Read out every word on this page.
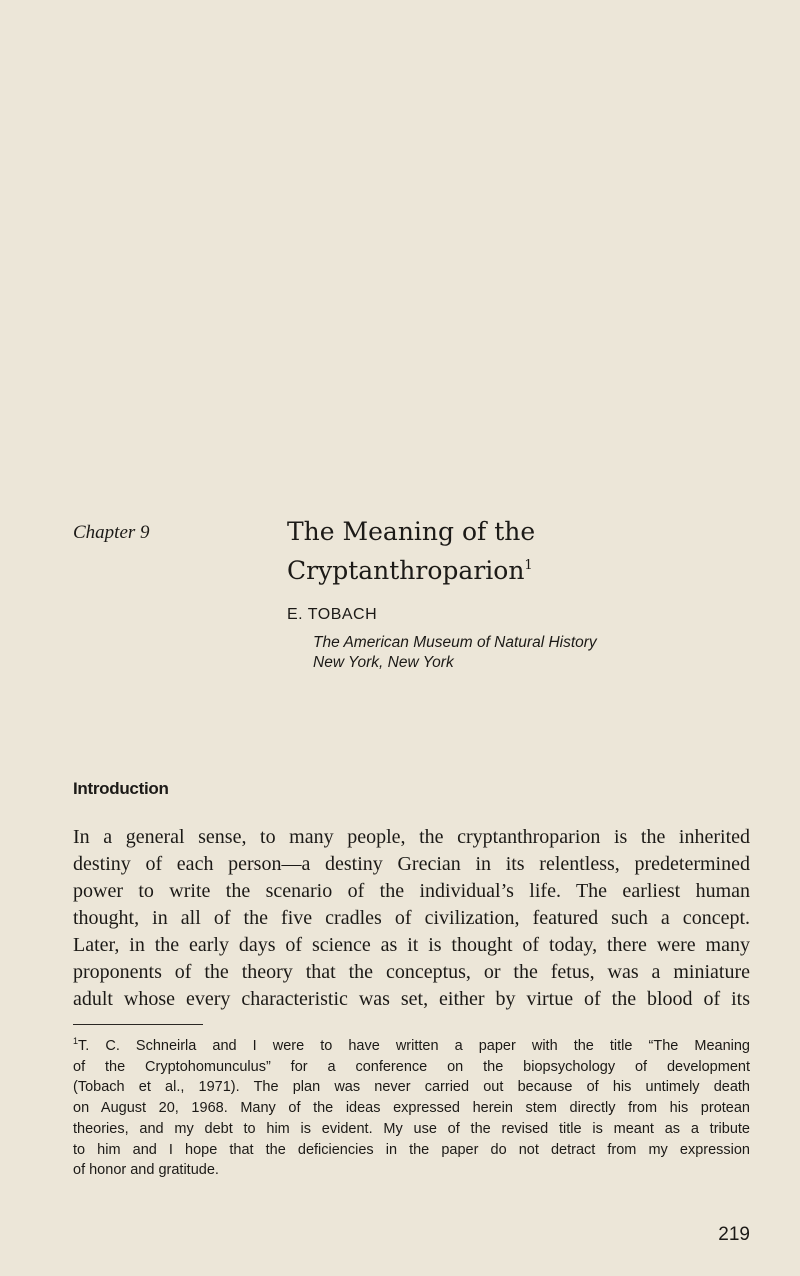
Chapter 9	The Meaning of the
Cryptanthroparion$^1$
E. TOBACH
The American Museum of Natural History
New York, New York
Introduction

In a general sense, to many people, the cryptanthroparion is the inherited
destiny of each person—a destiny Grecian in its relentless, predetermined
power to write the scenario of the individual’s life. The earliest human
thought, in all of the five cradles of civilization, featured such a concept.
Later, in the early days of science as it is thought of today, there were many
proponents of the theory that the conceptus, or the fetus, was a miniature
adult whose every characteristic was set, either by virtue of the blood of its

$^1$T. C. Schneirla and I were to have written a paper with the title “The Meaning
of the Cryptohomunculus” for a conference on the biopsychology of development
(Tobach et al., 1971). The plan was never carried out because of his untimely death
on August 20, 1968. Many of the ideas expressed herein stem directly from his protean
theories, and my debt to him is evident. My use of the revised title is meant as a tribute
to him and I hope that the deficiencies in the paper do not detract from my expression
of honor and gratitude.

219
